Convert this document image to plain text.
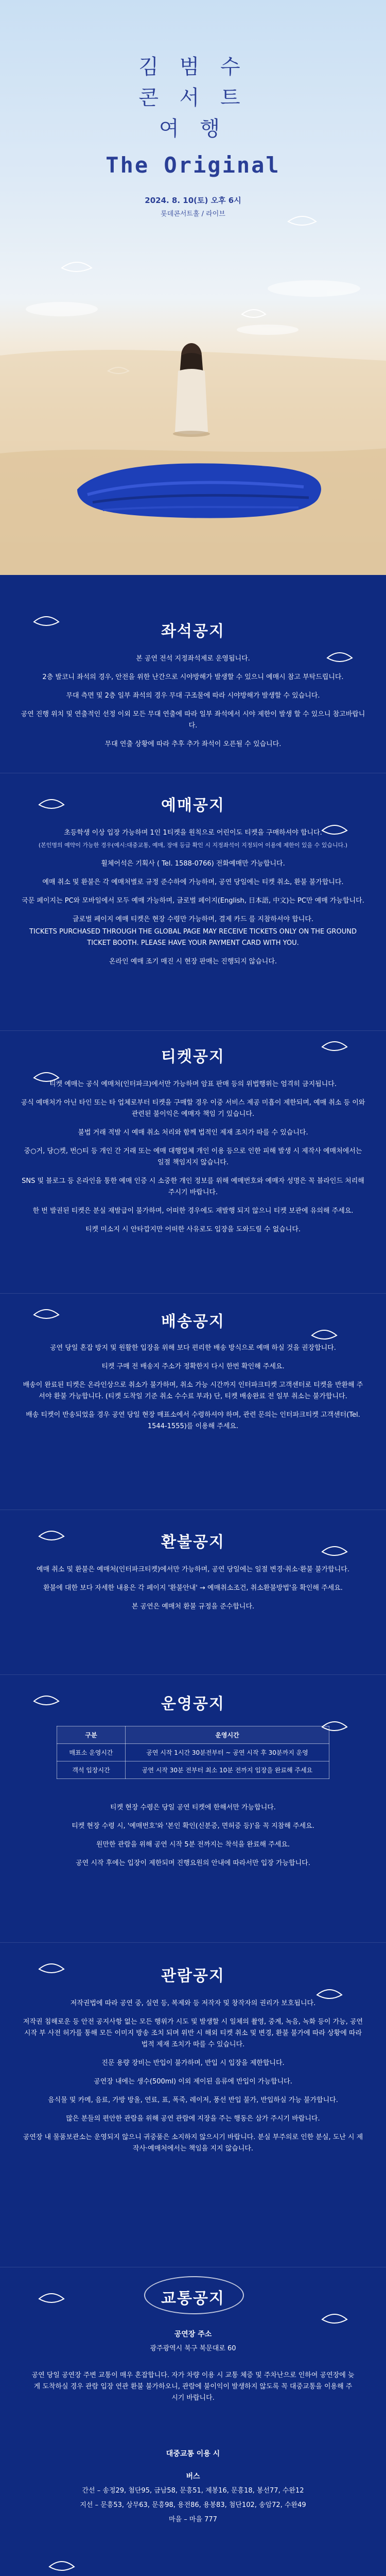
김 범 수
콘 서 트
여 행
The Original
2024. 8. 10(토) 오후 6시
롯데콘서트홀 / 라이브
좌석공지

본 공연 전석 지정좌석제로 운영됩니다.

2층 발코니 좌석의 경우, 안전을 위한 난간으로 시야방해가 발생할 수 있으니 예매시 참고 부탁드립니다.

무대 측면 및 2층 일부 좌석의 경우 무대 구조물에 따라 시야방해가 발생할 수 있습니다.

공연 진행 위치 및 연출적인 선정 이외 모든 무대 연출에 따라 일부 좌석에서 시야 제한이 발생 할 수 있으니 참고바랍니다.

무대 연출 상황에 따라 추후 추가 좌석이 오픈될 수 있습니다.

예매공지

초등학생 이상 입장 가능하며 1인 1티켓을 원칙으로 어린이도 티켓을 구매하셔야 합니다.

(본인명의 예약이 가능한 경우(예시:대중교통, 예매, 장애 등급 확인 시 지정좌석이 지정되어 이용에 제한이 있을 수 있습니다.)

휠체어석은 기획사 ( Tel. 1588-0766) 전화예매만 가능합니다.

예매 취소 및 환불은 각 예매처별로 규정 준수하에 가능하며, 공연 당일에는 티켓 취소, 환불 불가합니다.

국문 페이지는 PC와 모바일에서 모두 예매 가능하며, 글로벌 페이지(English, 日本語, 中文)는 PC만 예매 가능합니다.

글로벌 페이지 예매 티켓은 현장 수령만 가능하며, 결제 카드 를 지참하셔야 합니다.

TICKETS PURCHASED THROUGH THE GLOBAL PAGE MAY RECEIVE TICKETS ONLY ON THE GROUND TICKET BOOTH. PLEASE HAVE YOUR PAYMENT CARD WITH YOU.

온라인 예매 조기 매진 시 현장 판매는 진행되지 않습니다.

티켓공지

티켓 예매는 공식 예매처(인터파크)에서만 가능하며 암표 판매 등의 위법행위는 엄격히 금지됩니다.

공식 예매처가 아닌 타인 또는 타 업체로부터 티켓을 구매할 경우 이중 서비스 제공 미흡이 제한되며, 예매 취소 등 이와 관련된 불이익은 예매자 책임 기 있습니다.

불법 거래 적발 시 예매 취소 처리와 함께 법적인 제재 조치가 따를 수 있습니다.

중○거, 당○켓, 번○티 등 개인 간 거래 또는 예매 대행업체 개인 이용 등으로 인한 피해 발생 시 제작사 예매처에서는 일절 책임지지 않습니다.

SNS 및 블로그 등 온라인을 통한 예매 인증 시 소중한 개인 정보를 위해 예매번호와 예매자 성명은 꼭 블라인드 처리해주시기 바랍니다.

한 번 발권된 티켓은 분실 재발급이 불가하며, 어떠한 경우에도 재발행 되지 않으니 티켓 보관에 유의해 주세요.

티켓 미소지 시 안타깝지만 어떠한 사유로도 입장을 도와드릴 수 없습니다.

배송공지

공연 당일 혼잡 방지 및 원활한 입장을 위해 보다 편리한 배송 방식으로 예매 하실 것을 권장합니다.

티켓 구매 전 배송지 주소가 정확한지 다시 한번 확인해 주세요.

배송이 완료된 티켓은 온라인상으로 취소가 불가하며, 취소 가능 시간까지 인터파크티켓 고객센터로 티켓을 반환해 주셔야 환불 가능합니다. (티켓 도착일 기준 취소 수수료 부과) 단, 티켓 배송완료 전 일부 취소는 불가합니다.

배송 티켓이 반송되었을 경우 공연 당일 현장 매표소에서 수령하셔야 하며, 관련 문의는 인터파크티켓 고객센터(Tel. 1544-1555)를 이용해 주세요.

환불공지

예매 취소 및 환불은 예매처(인터파크티켓)에서만 가능하며, 공연 당일에는 일절 변경·취소·환불 불가합니다.

환불에 대한 보다 자세한 내용은 각 페이지 '환불안내' → 예매취소조건, 취소환불방법'을 확인해 주세요.

본 공연은 예매처 환불 규정을 준수합니다.

운영공지
구분	운영시간
매표소 운영시간	공연 시작 1시간 30분전부터 ~ 공연 시작 후 30분까지 운영
객석 입장시간	공연 시작 30분 전부터 최소 10분 전까지 입장을 완료해 주세요

티켓 현장 수령은 당일 공연 티켓에 한해서만 가능합니다.

티켓 현장 수령 시, '예매번호'와 '본인 확인(신분증, 면허증 등)'을 꼭 지참해 주세요.

원만한 관람을 위해 공연 시작 5분 전까지는 착석을 완료해 주세요.

공연 시작 후에는 입장이 제한되며 진행요원의 안내에 따라서만 입장 가능합니다.

관람공지

저작권법에 따라 공연 중, 실연 등, 복제와 등 저작자 및 창작자의 권리가 보호됩니다.

저작권 침해로운 등 안전 공지사항 없는 모든 행위가 시도 및 발생할 시 일체의 촬영, 중계, 녹음, 녹화 등이 가능, 공연 시작 부 사전 허가를 통해 모든 이미지 방송 조치 되며 위반 시 해외 티켓 취소 및 변경, 환불 불가에 따라 상황에 따라 법적 제재 조치가 따를 수 있습니다.

진문 용량 장비는 반입이 불가하며, 반입 시 입장을 제한합니다.

공연장 내에는 생수(500ml) 이외 제이된 음류에 반입이 가능합니다.

음식물 및 카메, 음료, 가방 방울, 연료, 표, 폭죽, 레이저, 풍선 반입 불가, 반입하실 가능 불가합니다.

많은 분들의 편안한 관람을 위해 공연 관람에 지장을 주는 행동은 삼가 주시기 바랍니다.

공연장 내 물품보관소는 운영되지 않으니 귀중품은 소지하지 않으시기 바랍니다. 분실 부주의로 인한 분실, 도난 시 제작사·예매처에서는 책임을 지지 않습니다.

교통공지
공연장 주소
광주광역시 북구 북문대로 60
공연 당일 공연장 주변 교통이 매우 혼잡합니다. 자가 차량 이용 시 교통 체증 및 주차난으로 인하여 공연장에 늦게 도착하실 경우 관람 입장 연관 환불 불가하오니, 관람에 불이익이 발생하지 않도록 꼭 대중교통을 이용해 주시기 바랍니다.
대중교통 이용 시
버스
간선 – 송정29, 첨단95, 금남58, 문흥51, 제봉16, 문흥18, 봉선77, 수완12
지선 – 문흥53, 상무63, 문흥98, 용전86, 용봉83, 첨단102, 송암72, 수완49
마을 – 마을 777
